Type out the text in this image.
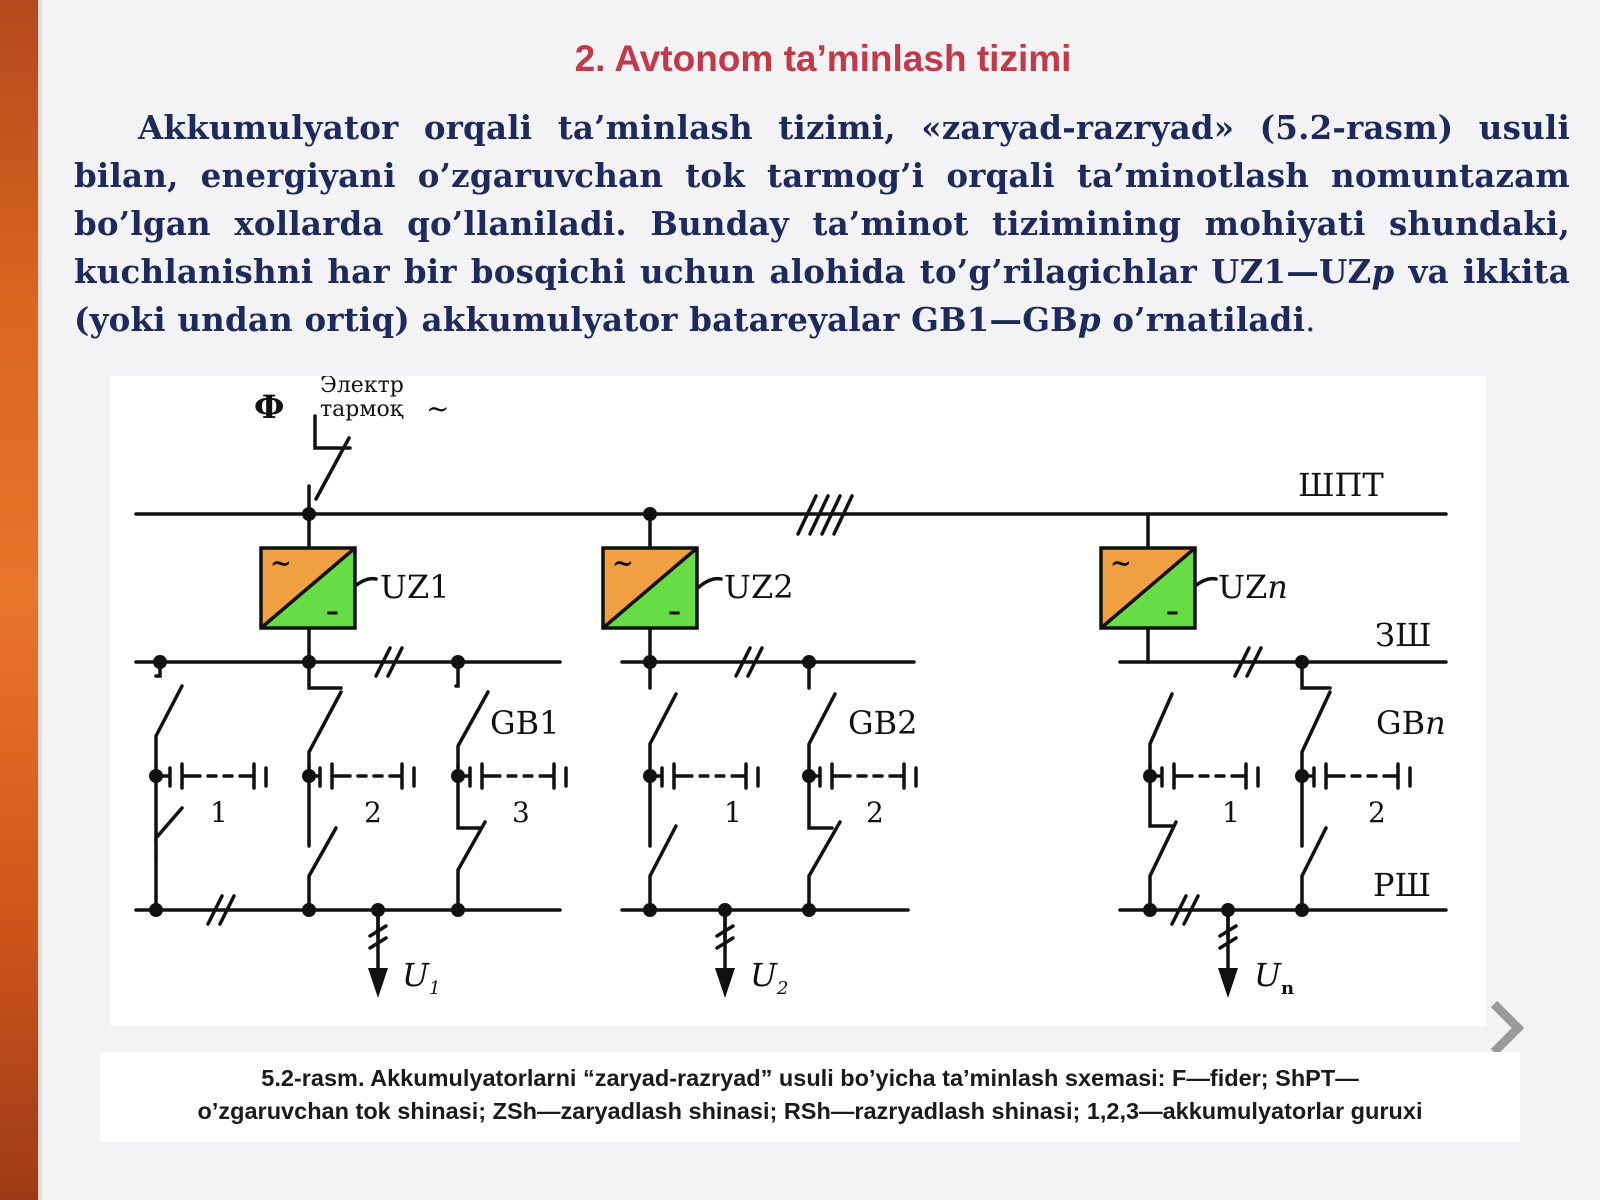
2. Avtonom ta’minlash tizimi
Akkumulyator orqali ta’minlash tizimi, «zaryad-razryad» (5.2-rasm) usuli bilan, energiyani o’zgaruvchan tok tarmog’i orqali ta’minotlash nomuntazam bo’lgan xollarda qo’llaniladi. Bunday ta’minot tizimining mohiyati shundaki, kuchlanishni har bir bosqichi uchun alohida to’g’rilagichlar UZ1—UZp va ikkita (yoki undan ortiq) akkumulyator batareyalar GB1—GBp o’rnatiladi.
~
–
~
–
~
–
Ф
Электр
тармоқ ~
ШПТ
ЗШ
РШ
UZ1	UZ2	UZn
GB1	GB2	GBn
1	2	3	1	2	1	2
$U_1$	$U_2$	$U_n$
5.2-rasm. Akkumulyatorlarni “zaryad-razryad” usuli bo’yicha ta’minlash sxemasi: F—fider; ShPT—
o’zgaruvchan tok shinasi; ZSh—zaryadlash shinasi; RSh—razryadlash shinasi; 1,2,3—akkumulyatorlar guruxi
